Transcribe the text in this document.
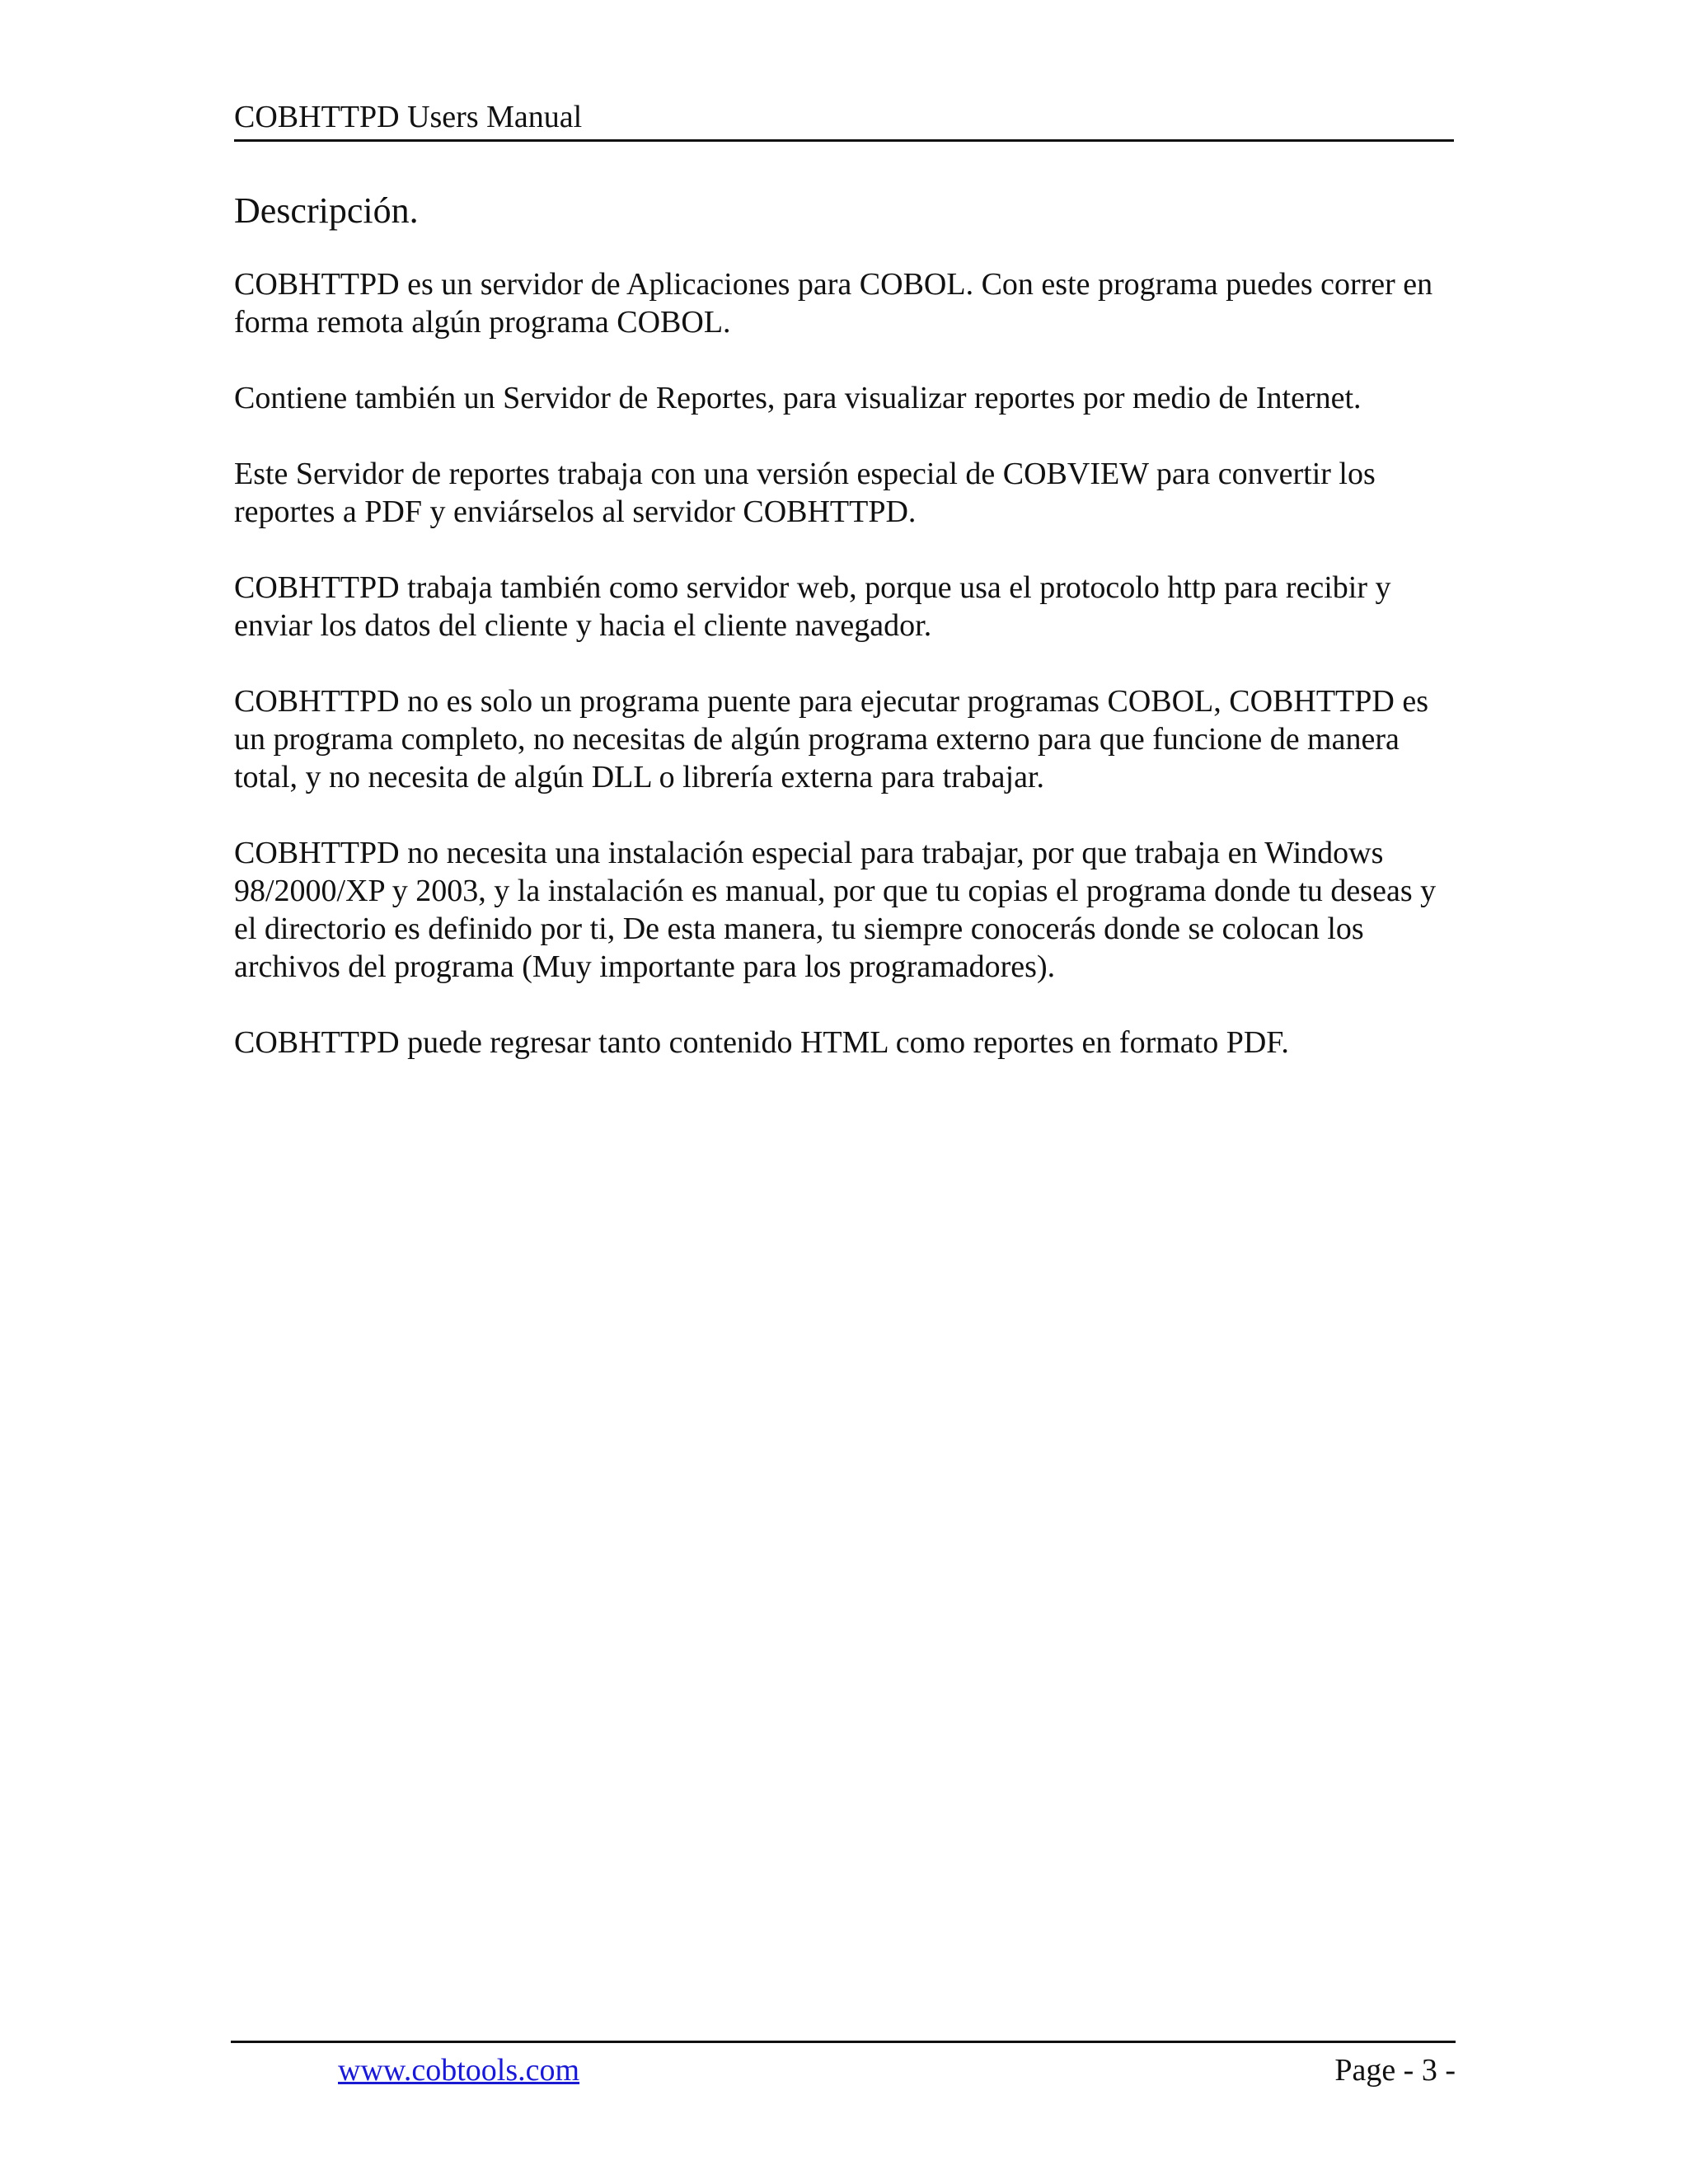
COBHTTPD Users Manual
Descripción.

COBHTTPD es un servidor de Aplicaciones para COBOL. Con este programa puedes correr en forma remota algún programa COBOL.

Contiene también un Servidor de Reportes, para visualizar reportes por medio de Internet.

Este Servidor de reportes trabaja con una versión especial de COBVIEW para convertir los reportes a PDF y enviárselos al servidor COBHTTPD.

COBHTTPD trabaja también como servidor web, porque usa el protocolo http para recibir y enviar los datos del cliente y hacia el cliente navegador.

COBHTTPD no es solo un programa puente para ejecutar programas COBOL, COBHTTPD es un programa completo, no necesitas de algún programa externo para que funcione de manera total, y no necesita de algún DLL o librería externa para trabajar.

COBHTTPD no necesita una instalación especial para trabajar, por que trabaja en Windows 98/2000/XP y 2003, y la instalación es manual, por que tu copias el programa donde tu deseas y el directorio es definido por ti, De esta manera, tu siempre conocerás donde se colocan los archivos del programa (Muy importante para los programadores).

COBHTTPD puede regresar tanto contenido HTML como reportes en formato PDF.

www.cobtools.com	Page - 3 -
